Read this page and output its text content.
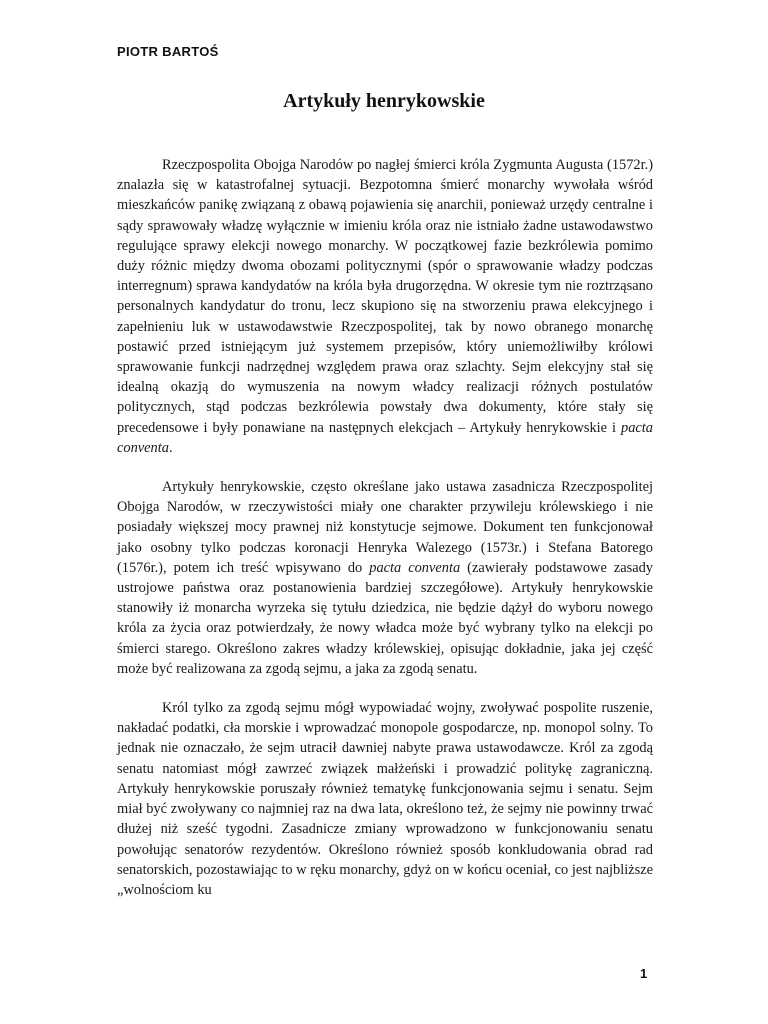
PIOTR BARTOŚ
Artykuły henrykowskie

Rzeczpospolita Obojga Narodów po nagłej śmierci króla Zygmunta Augusta (1572r.) znalazła się w katastrofalnej sytuacji. Bezpotomna śmierć monarchy wywołała wśród mieszkańców panikę związaną z obawą pojawienia się anarchii, ponieważ urzędy centralne i sądy sprawowały władzę wyłącznie w imieniu króla oraz nie istniało żadne ustawodawstwo regulujące sprawy elekcji nowego monarchy. W początkowej fazie bezkrólewia pomimo duży różnic między dwoma obozami politycznymi (spór o sprawowanie władzy podczas interregnum) sprawa kandydatów na króla była drugorzędna. W okresie tym nie roztrząsano personalnych kandydatur do tronu, lecz skupiono się na stworzeniu prawa elekcyjnego i zapełnieniu luk w ustawodawstwie Rzeczpospolitej, tak by nowo obranego monarchę postawić przed istniejącym już systemem przepisów, który uniemożliwiłby królowi sprawowanie funkcji nadrzędnej względem prawa oraz szlachty. Sejm elekcyjny stał się idealną okazją do wymuszenia na nowym władcy realizacji różnych postulatów politycznych, stąd podczas bezkrólewia powstały dwa dokumenty, które stały się precedensowe i były ponawiane na następnych elekcjach – Artykuły henrykowskie i pacta conventa.

Artykuły henrykowskie, często określane jako ustawa zasadnicza Rzeczpospolitej Obojga Narodów, w rzeczywistości miały one charakter przywileju królewskiego i nie posiadały większej mocy prawnej niż konstytucje sejmowe. Dokument ten funkcjonował jako osobny tylko podczas koronacji Henryka Walezego (1573r.) i Stefana Batorego (1576r.), potem ich treść wpisywano do pacta conventa (zawierały podstawowe zasady ustrojowe państwa oraz postanowienia bardziej szczegółowe). Artykuły henrykowskie stanowiły iż monarcha wyrzeka się tytułu dziedzica, nie będzie dążył do wyboru nowego króla za życia oraz potwierdzały, że nowy władca może być wybrany tylko na elekcji po śmierci starego. Określono zakres władzy królewskiej, opisując dokładnie, jaka jej część może być realizowana za zgodą sejmu, a jaka za zgodą senatu.

Król tylko za zgodą sejmu mógł wypowiadać wojny, zwoływać pospolite ruszenie, nakładać podatki, cła morskie i wprowadzać monopole gospodarcze, np. monopol solny. To jednak nie oznaczało, że sejm utracił dawniej nabyte prawa ustawodawcze. Król za zgodą senatu natomiast mógł zawrzeć związek małżeński i prowadzić politykę zagraniczną. Artykuły henrykowskie poruszały również tematykę funkcjonowania sejmu i senatu. Sejm miał być zwoływany co najmniej raz na dwa lata, określono też, że sejmy nie powinny trwać dłużej niż sześć tygodni. Zasadnicze zmiany wprowadzono w funkcjonowaniu senatu powołując senatorów rezydentów. Określono również sposób konkludowania obrad rad senatorskich, pozostawiając to w ręku monarchy, gdyż on w końcu oceniał, co jest najbliższe „wolnościom ku

1
